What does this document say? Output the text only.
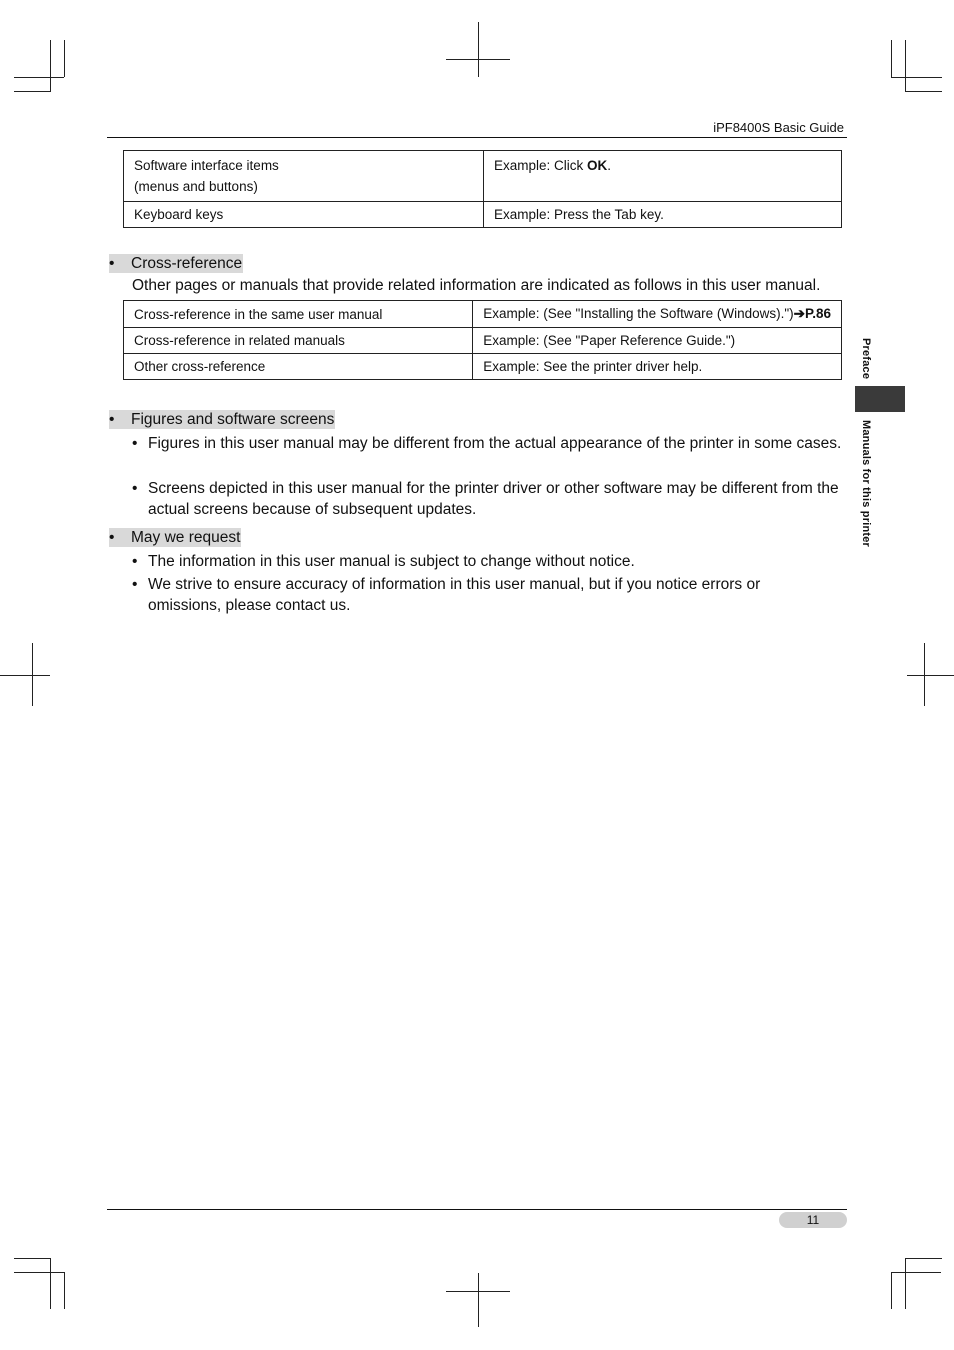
iPF8400S Basic Guide
Software interface items
(menus and buttons)	Example: Click OK.
Keyboard keys	Example: Press the Tab key.
• Cross-reference
Other pages or manuals that provide related information are indicated as follows in this user manual.
Cross-reference in the same user manual	Example: (See "Installing the Software (Windows).")➔P.86
Cross-reference in related manuals	Example: (See "Paper Reference Guide.")
Other cross-reference	Example: See the printer driver help.
• Figures and software screens
• Figures in this user manual may be different from the actual appearance of the printer in some cases.
• Screens depicted in this user manual for the printer driver or other software may be different from the actual screens because of subsequent updates.
• May we request
• The information in this user manual is subject to change without notice.
• We strive to ensure accuracy of information in this user manual, but if you notice errors or omissions, please contact us.
Preface
Manuals for this printer
11
